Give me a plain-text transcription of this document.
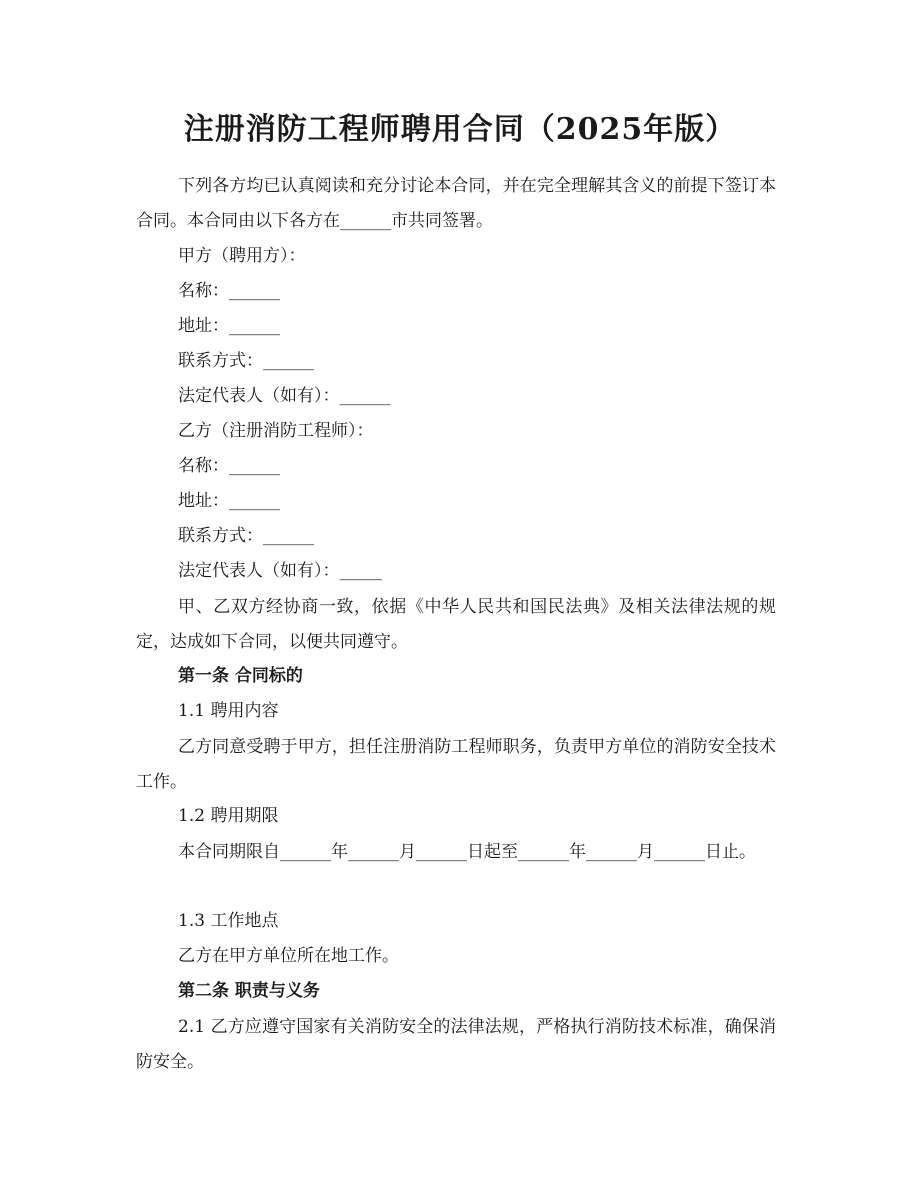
注册消防工程师聘用合同（2025年版）

下列各方均已认真阅读和充分讨论本合同，并在完全理解其含义的前提下签订本合同。本合同由以下各方在______市共同签署。

甲方（聘用方）：

名称：______

地址：______

联系方式：______

法定代表人（如有）：______

乙方（注册消防工程师）：

名称：______

地址：______

联系方式：______

法定代表人（如有）：_____

甲、乙双方经协商一致，依据《中华人民共和国民法典》及相关法律法规的规定，达成如下合同，以便共同遵守。

第一条 合同标的

1.1 聘用内容

乙方同意受聘于甲方，担任注册消防工程师职务，负责甲方单位的消防安全技术工作。

1.2 聘用期限

本合同期限自______年______月______日起至______年______月______日止。

1.3 工作地点

乙方在甲方单位所在地工作。

第二条 职责与义务

2.1 乙方应遵守国家有关消防安全的法律法规，严格执行消防技术标准，确保消防安全。
